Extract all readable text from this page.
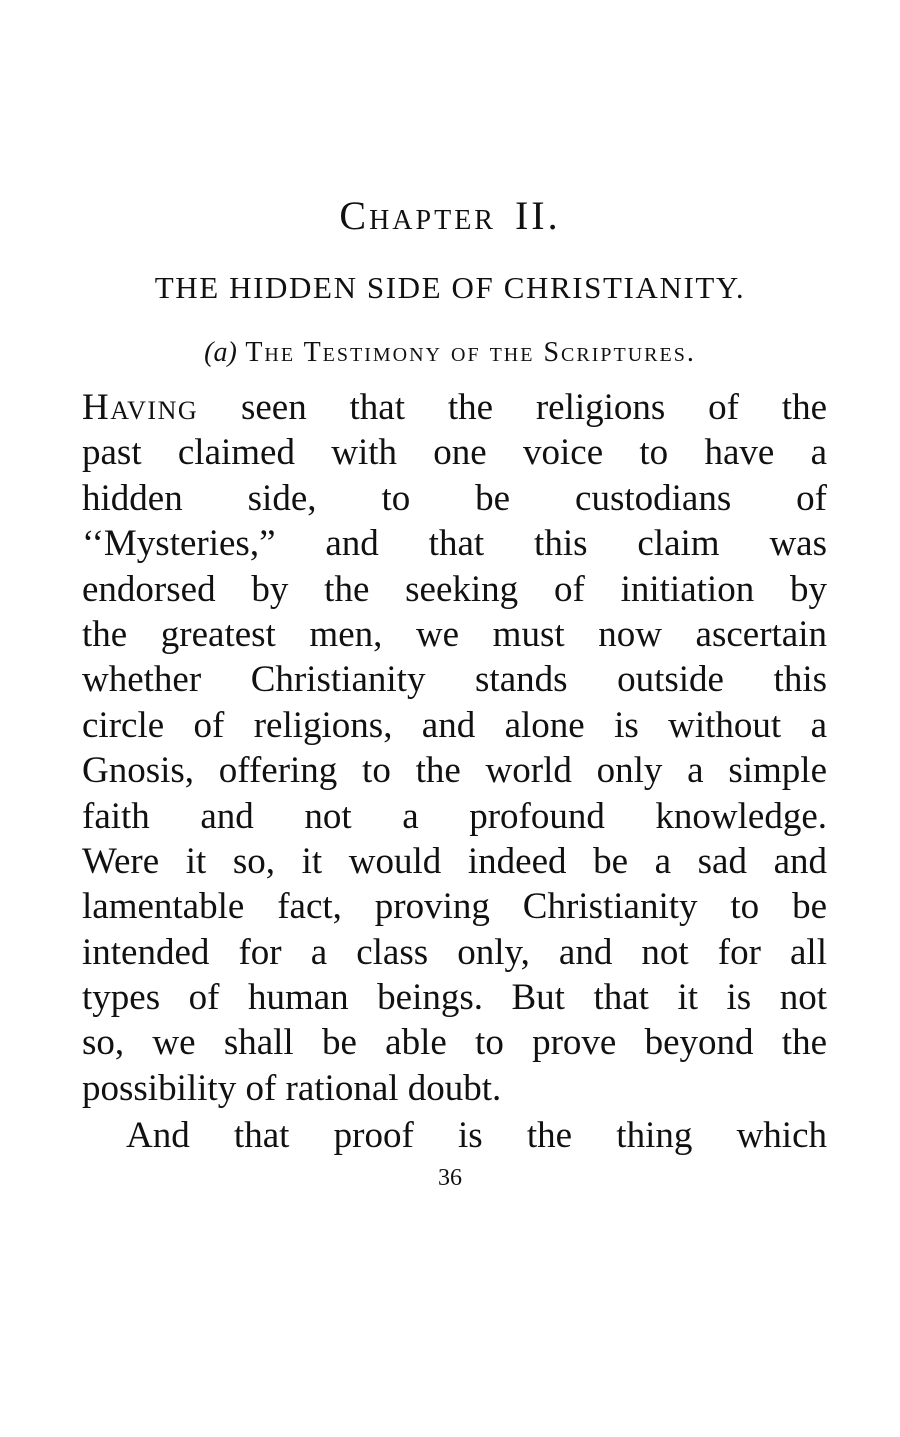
Chapter II.
THE HIDDEN SIDE OF CHRISTIANITY.
(a) The Testimony of the Scriptures.
Having seen that the religions of the
past claimed with one voice to have a
hidden side, to be custodians of
‘‘Mysteries,” and that this claim was
endorsed by the seeking of initiation by
the greatest men, we must now ascertain
whether Christianity stands outside this
circle of religions, and alone is without a
Gnosis, offering to the world only a simple
faith and not a profound knowledge.
Were it so, it would indeed be a sad and
lamentable fact, proving Christianity to be
intended for a class only, and not for all
types of human beings. But that it is not
so, we shall be able to prove beyond the
possibility of rational doubt.
And that proof is the thing which
36
